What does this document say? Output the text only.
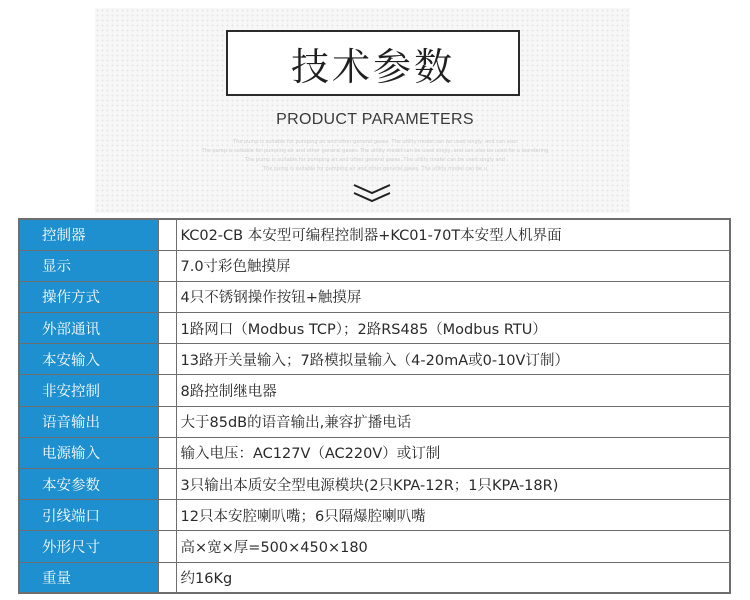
技术参数
PRODUCT PARAMETERS
The pump is suitable for pumping air and other general gases. The utility model can be used singly, and can also
The pump is suitable for pumping air and other general gases. The utility model can be used singly, and can also be used for a laundering
The pump is suitable for pumping air and other general gases. The utility model can be used singly and
The pump is suitable for pumping air and other general gases. The utility model can be u
控制器		KC02-CB 本安型可编程控制器+KC01-70T本安型人机界面
显示		7.0寸彩色触摸屏
操作方式		4只不锈钢操作按钮+触摸屏
外部通讯		1路网口（Modbus TCP）；2路RS485（Modbus RTU）
本安输入		13路开关量输入；7路模拟量输入（4-20mA或0-10V订制）
非安控制		8路控制继电器
语音输出		大于85dB的语音输出,兼容扩播电话
电源输入		输入电压：AC127V（AC220V）或订制
本安参数		3只输出本质安全型电源模块(2只KPA-12R；1只KPA-18R)
引线端口		12只本安腔喇叭嘴；6只隔爆腔喇叭嘴
外形尺寸		高×宽×厚=500×450×180
重量		约16Kg
